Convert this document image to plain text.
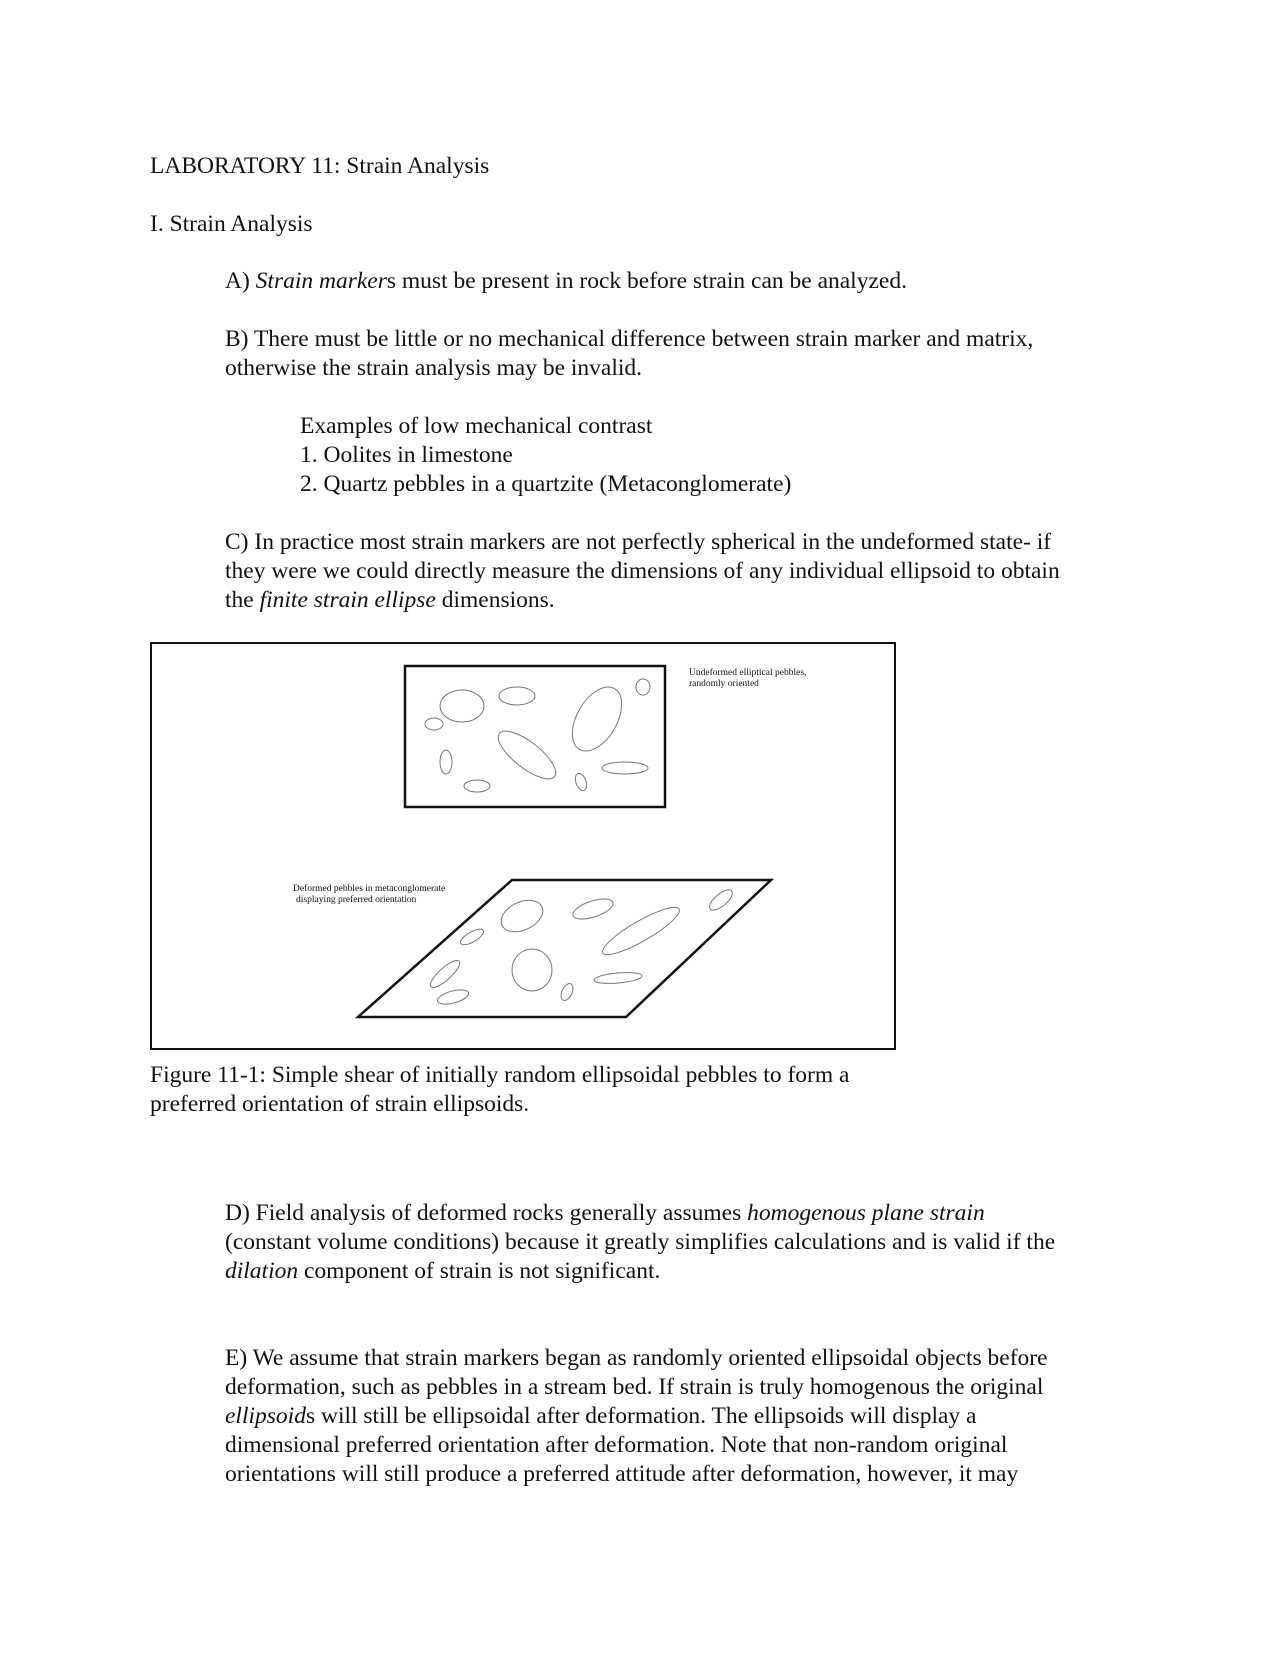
LABORATORY 11: Strain Analysis
I. Strain Analysis
A) Strain markers must be present in rock before strain can be analyzed.
B) There must be little or no mechanical difference between strain marker and matrix,
otherwise the strain analysis may be invalid.
Examples of low mechanical contrast
1. Oolites in limestone
2. Quartz pebbles in a quartzite (Metaconglomerate)
C) In practice most strain markers are not perfectly spherical in the undeformed state- if
they were we could directly measure the dimensions of any individual ellipsoid to obtain
the finite strain ellipse dimensions.
Undeformed elliptical pebbles,
randomly oriented
Deformed pebbles in metaconglomerate
displaying preferred orientation
Figure 11-1: Simple shear of initially random ellipsoidal pebbles to form a
preferred orientation of strain ellipsoids.
D) Field analysis of deformed rocks generally assumes homogenous plane strain
(constant volume conditions) because it greatly simplifies calculations and is valid if the
dilation component of strain is not significant.
E) We assume that strain markers began as randomly oriented ellipsoidal objects before
deformation, such as pebbles in a stream bed. If strain is truly homogenous the original
ellipsoids will still be ellipsoidal after deformation. The ellipsoids will display a
dimensional preferred orientation after deformation. Note that non-random original
orientations will still produce a preferred attitude after deformation, however, it may
